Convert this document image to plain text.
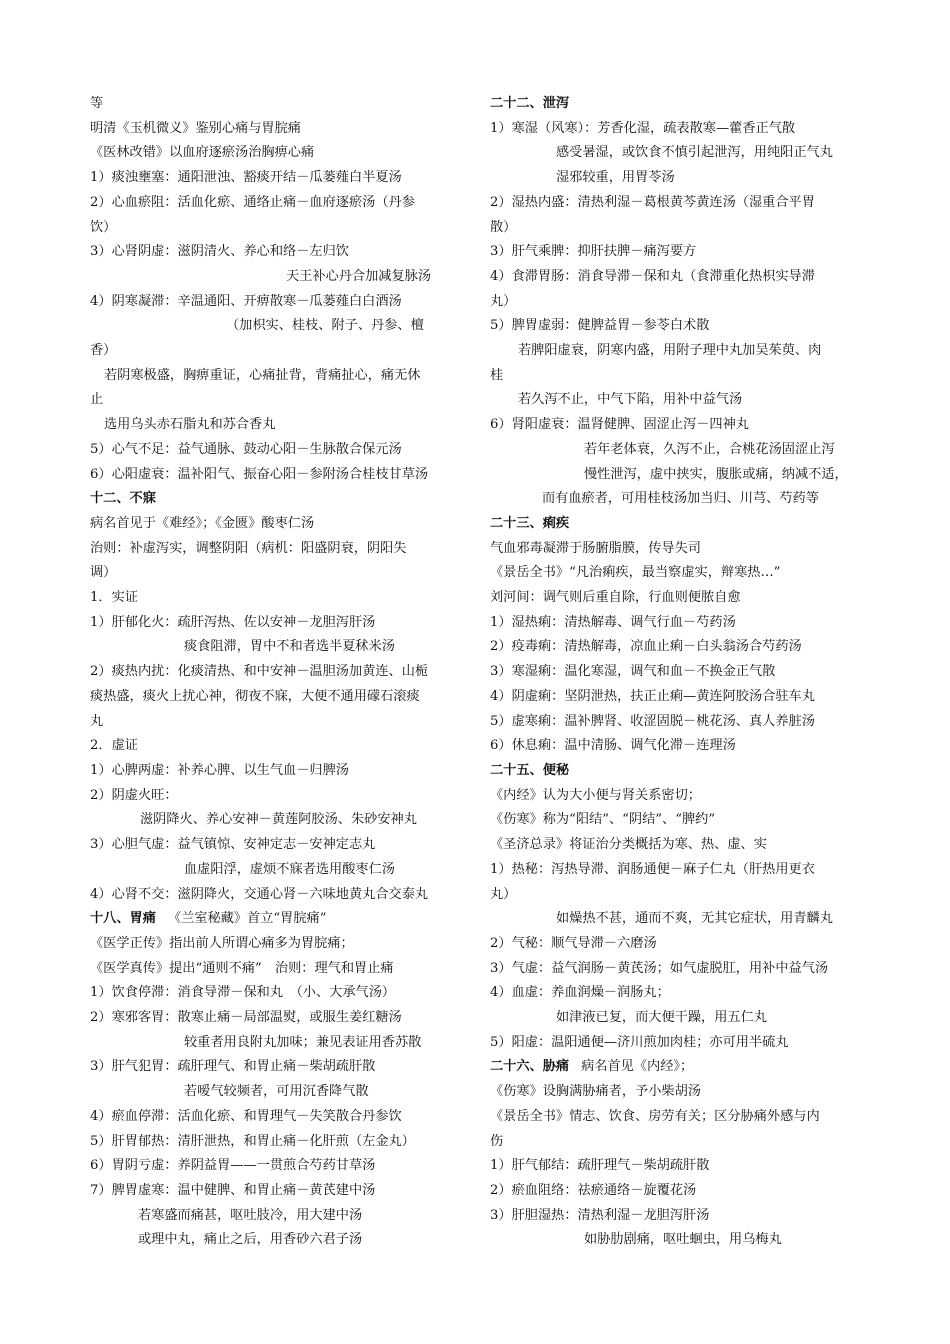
等
明清《玉机微义》鉴别心痛与胃脘痛
《医林改错》以血府逐瘀汤治胸痹心痛
1）痰浊壅塞：通阳泄浊、豁痰开结－瓜蒌薤白半夏汤
2）心血瘀阻：活血化瘀、通络止痛－血府逐瘀汤（丹参
饮）
3）心肾阴虚：滋阴清火、养心和络－左归饮
天王补心丹合加减复脉汤
4）阴寒凝滞：辛温通阳、开痹散寒－瓜蒌薤白白酒汤
（加枳实、桂枝、附子、丹参、檀
香）
若阴寒极盛，胸痹重证，心痛扯背，背痛扯心，痛无休
止
选用乌头赤石脂丸和苏合香丸
5）心气不足：益气通脉、鼓动心阳－生脉散合保元汤
6）心阳虚衰：温补阳气、振奋心阳－参附汤合桂枝甘草汤
十二、不寐
病名首见于《难经》；《金匮》酸枣仁汤
治则：补虚泻实，调整阴阳（病机：阳盛阴衰，阴阳失
调）
1．实证
1）肝郁化火：疏肝泻热、佐以安神－龙胆泻肝汤
痰食阻滞，胃中不和者选半夏秫米汤
2）痰热内扰：化痰清热、和中安神－温胆汤加黄连、山栀
痰热盛，痰火上扰心神，彻夜不寐，大便不通用礞石滚痰
丸
2．虚证
1）心脾两虚：补养心脾、以生气血－归脾汤
2）阴虚火旺：
滋阴降火、养心安神－黄莲阿胶汤、朱砂安神丸
3）心胆气虚：益气镇惊、安神定志－安神定志丸
血虚阳浮，虚烦不寐者选用酸枣仁汤
4）心肾不交：滋阴降火，交通心肾－六味地黄丸合交泰丸
十八、胃痛 《兰室秘藏》首立“胃脘痛”
《医学正传》指出前人所谓心痛多为胃脘痛；
《医学真传》提出“通则不痛”　治则：理气和胃止痛
1）饮食停滞：消食导滞－保和丸　（小、大承气汤）
2）寒邪客胃：散寒止痛－局部温熨，或服生姜红糖汤
较重者用良附丸加味；兼见表证用香苏散
3）肝气犯胃：疏肝理气、和胃止痛－柴胡疏肝散
若嗳气较频者，可用沉香降气散
4）瘀血停滞：活血化瘀、和胃理气－失笑散合丹参饮
5）肝胃郁热：清肝泄热，和胃止痛－化肝煎（左金丸）
6）胃阴亏虚：养阴益胃——一贯煎合芍药甘草汤
7）脾胃虚寒：温中健脾、和胃止痛－黄芪建中汤
若寒盛而痛甚，呕吐肢冷，用大建中汤
或理中丸，痛止之后，用香砂六君子汤
二十二、泄泻
1）寒湿（风寒）：芳香化湿，疏表散寒—藿香正气散
感受暑湿，或饮食不慎引起泄泻，用纯阳正气丸
湿邪较重，用胃苓汤
2）湿热内盛：清热利湿－葛根黄芩黄连汤（湿重合平胃
散）
3）肝气乘脾：抑肝扶脾－痛泻要方
4）食滞胃肠：消食导滞－保和丸（食滞重化热枳实导滞
丸）
5）脾胃虚弱：健脾益胃－参苓白术散
若脾阳虚衰，阴寒内盛，用附子理中丸加吴茱萸、肉
桂
若久泻不止，中气下陷，用补中益气汤
6）肾阳虚衰：温肾健脾、固涩止泻－四神丸
若年老体衰，久泻不止，合桃花汤固涩止泻
慢性泄泻，虚中挟实，腹胀或痛，纳减不适，
而有血瘀者，可用桂枝汤加当归、川芎、芍药等
二十三、痢疾
气血邪毒凝滞于肠腑脂膜，传导失司
《景岳全书》“凡治痢疾，最当察虚实，辩寒热…”
刘河间：调气则后重自除，行血则便脓自愈
1）湿热痢：清热解毒、调气行血－芍药汤
2）疫毒痢：清热解毒，凉血止痢－白头翁汤合芍药汤
3）寒湿痢：温化寒湿，调气和血－不换金正气散
4）阴虚痢：坚阴泄热，扶正止痢—黄连阿胶汤合驻车丸
5）虚寒痢：温补脾肾、收涩固脱－桃花汤、真人养脏汤
6）休息痢：温中清肠、调气化滞－连理汤
二十五、便秘
《内经》认为大小便与肾关系密切；
《伤寒》称为“阳结”、“阴结”、“脾约”
《圣济总录》将证治分类概括为寒、热、虚、实
1）热秘：泻热导滞、润肠通便－麻子仁丸（肝热用更衣
丸）
如燥热不甚，通而不爽，无其它症状，用青麟丸
2）气秘：顺气导滞－六磨汤
3）气虚：益气润肠－黄芪汤；如气虚脱肛，用补中益气汤
4）血虚：养血润燥－润肠丸；
如津液已复，而大便干躁，用五仁丸
5）阳虚：温阳通便—济川煎加肉桂；亦可用半硫丸
二十六、胁痛 病名首见《内经》；
《伤寒》设胸满胁痛者，予小柴胡汤
《景岳全书》情志、饮食、房劳有关；区分胁痛外感与内
伤
1）肝气郁结：疏肝理气－柴胡疏肝散
2）瘀血阻络：祛瘀通络－旋覆花汤
3）肝胆湿热：清热利湿－龙胆泻肝汤
如胁肋剧痛，呕吐蛔虫，用乌梅丸
